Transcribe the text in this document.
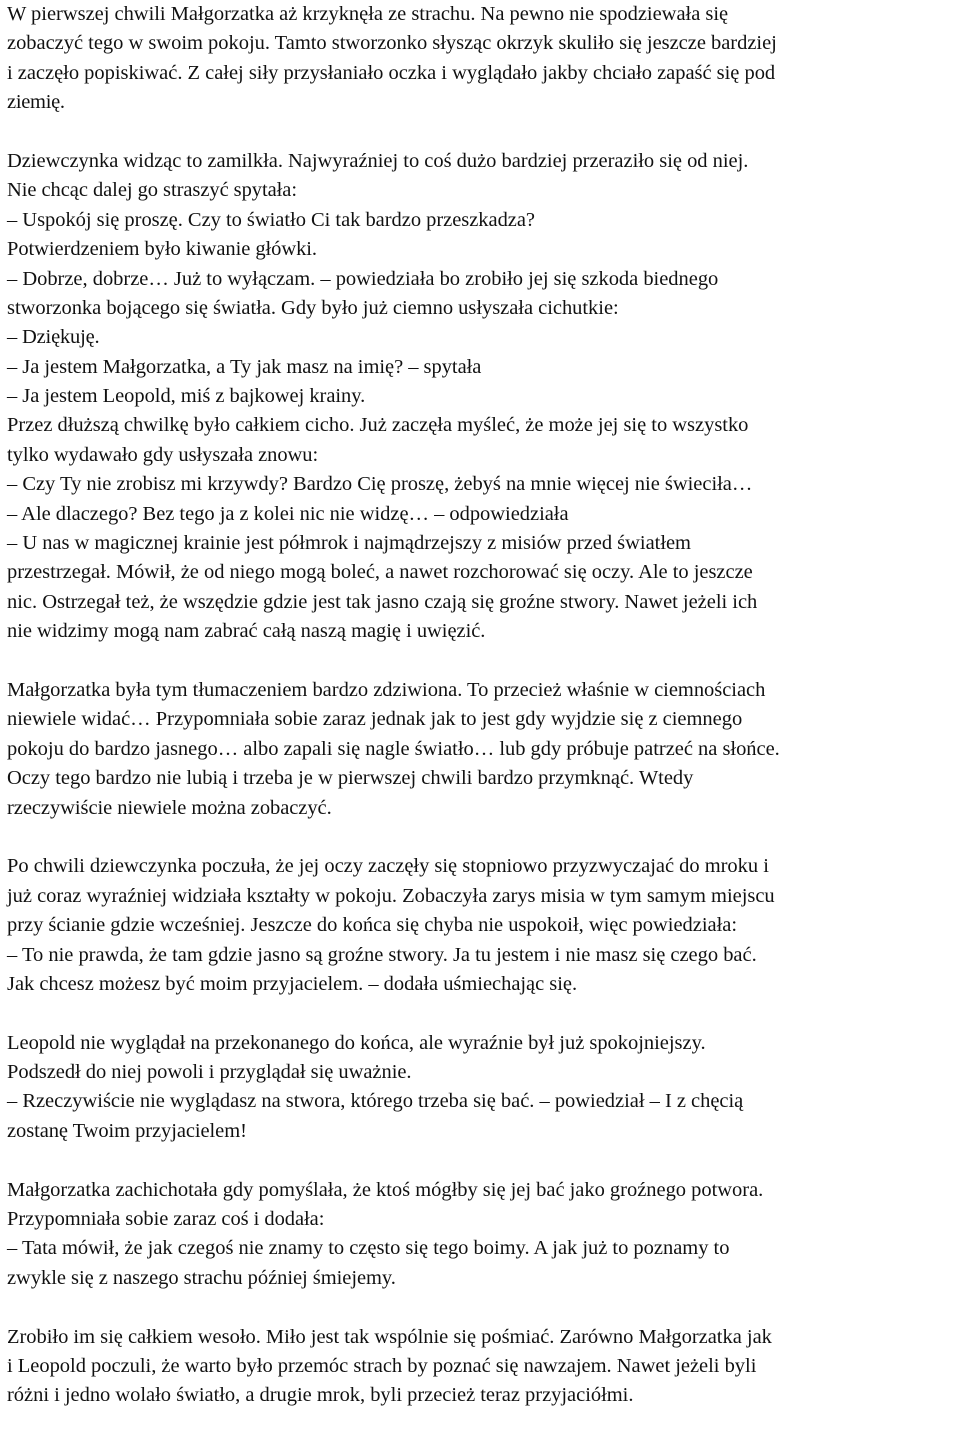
W pierwszej chwili Małgorzatka aż krzyknęła ze strachu. Na pewno nie spodziewała się
zobaczyć tego w swoim pokoju. Tamto stworzonko słysząc okrzyk skuliło się jeszcze bardziej
i zaczęło popiskiwać. Z całej siły przysłaniało oczka i wyglądało jakby chciało zapaść się pod
ziemię.
Dziewczynka widząc to zamilkła. Najwyraźniej to coś dużo bardziej przeraziło się od niej.
Nie chcąc dalej go straszyć spytała:
– Uspokój się proszę. Czy to światło Ci tak bardzo przeszkadza?
Potwierdzeniem było kiwanie główki.
– Dobrze, dobrze… Już to wyłączam. – powiedziała bo zrobiło jej się szkoda biednego
stworzonka bojącego się światła. Gdy było już ciemno usłyszała cichutkie:
– Dziękuję.
– Ja jestem Małgorzatka, a Ty jak masz na imię? – spytała
– Ja jestem Leopold, miś z bajkowej krainy.
Przez dłuższą chwilkę było całkiem cicho. Już zaczęła myśleć, że może jej się to wszystko
tylko wydawało gdy usłyszała znowu:
– Czy Ty nie zrobisz mi krzywdy? Bardzo Cię proszę, żebyś na mnie więcej nie świeciła…
– Ale dlaczego? Bez tego ja z kolei nic nie widzę… – odpowiedziała
– U nas w magicznej krainie jest półmrok i najmądrzejszy z misiów przed światłem
przestrzegał. Mówił, że od niego mogą boleć, a nawet rozchorować się oczy. Ale to jeszcze
nic. Ostrzegał też, że wszędzie gdzie jest tak jasno czają się groźne stwory. Nawet jeżeli ich
nie widzimy mogą nam zabrać całą naszą magię i uwięzić.
Małgorzatka była tym tłumaczeniem bardzo zdziwiona. To przecież właśnie w ciemnościach
niewiele widać… Przypomniała sobie zaraz jednak jak to jest gdy wyjdzie się z ciemnego
pokoju do bardzo jasnego… albo zapali się nagle światło… lub gdy próbuje patrzeć na słońce.
Oczy tego bardzo nie lubią i trzeba je w pierwszej chwili bardzo przymknąć. Wtedy
rzeczywiście niewiele można zobaczyć.
Po chwili dziewczynka poczuła, że jej oczy zaczęły się stopniowo przyzwyczajać do mroku i
już coraz wyraźniej widziała kształty w pokoju. Zobaczyła zarys misia w tym samym miejscu
przy ścianie gdzie wcześniej. Jeszcze do końca się chyba nie uspokoił, więc powiedziała:
– To nie prawda, że tam gdzie jasno są groźne stwory. Ja tu jestem i nie masz się czego bać.
Jak chcesz możesz być moim przyjacielem. – dodała uśmiechając się.
Leopold nie wyglądał na przekonanego do końca, ale wyraźnie był już spokojniejszy.
Podszedł do niej powoli i przyglądał się uważnie.
– Rzeczywiście nie wyglądasz na stwora, którego trzeba się bać. – powiedział – I z chęcią
zostanę Twoim przyjacielem!
Małgorzatka zachichotała gdy pomyślała, że ktoś mógłby się jej bać jako groźnego potwora.
Przypomniała sobie zaraz coś i dodała:
– Tata mówił, że jak czegoś nie znamy to często się tego boimy. A jak już to poznamy to
zwykle się z naszego strachu później śmiejemy.
Zrobiło im się całkiem wesoło. Miło jest tak wspólnie się pośmiać. Zarówno Małgorzatka jak
i Leopold poczuli, że warto było przemóc strach by poznać się nawzajem. Nawet jeżeli byli
różni i jedno wolało światło, a drugie mrok, byli przecież teraz przyjaciółmi.
